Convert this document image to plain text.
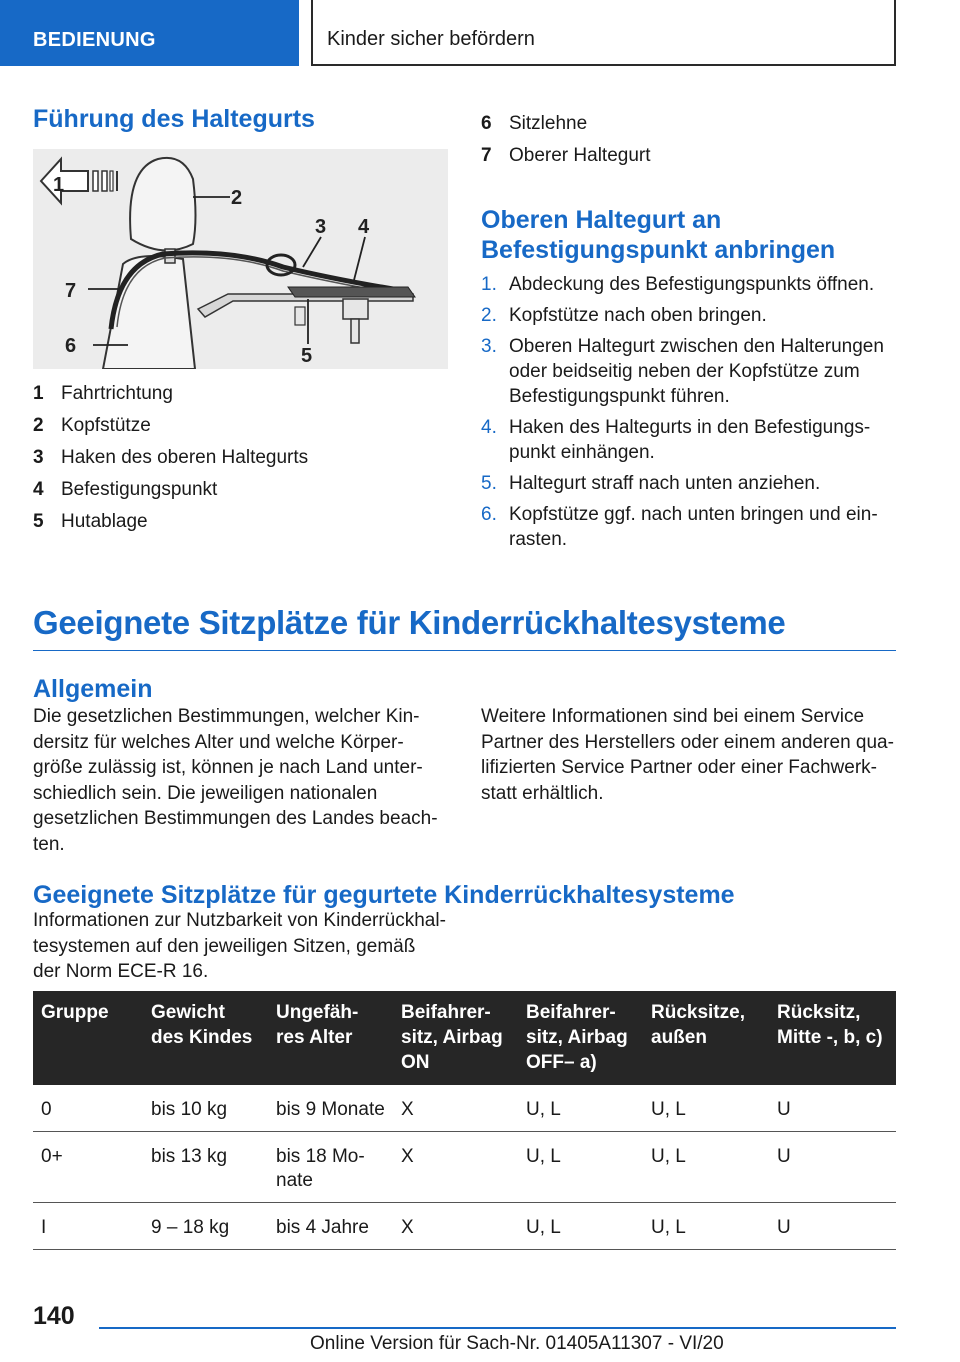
BEDIENUNG	Kinder sicher befördern
Führung des Haltegurts
1
2
3 4
5
6
7
1 Fahrtrichtung
2 Kopfstütze
3 Haken des oberen Haltegurts
4 Befestigungspunkt
5 Hutablage
6 Sitzlehne
7 Oberer Haltegurt
Oberen Haltegurt an Befestigungspunkt anbringen
1. Abdeckung des Befestigungspunkts öffnen.
2. Kopfstütze nach oben bringen.
3. Oberen Haltegurt zwischen den Halterungen oder beidseitig neben der Kopfstütze zum Befestigungspunkt führen.
4. Haken des Haltegurts in den Befestigungs-punkt einhängen.
5. Haltegurt straff nach unten anziehen.
6. Kopfstütze ggf. nach unten bringen und ein-rasten.
Geeignete Sitzplätze für Kinderrückhaltesysteme
Allgemein
Die gesetzlichen Bestimmungen, welcher Kin-dersitz für welches Alter und welche Körper-größe zulässig ist, können je nach Land unter-schiedlich sein. Die jeweiligen nationalen gesetzlichen Bestimmungen des Landes beach-ten.
Weitere Informationen sind bei einem Service Partner des Herstellers oder einem anderen qua-lifizierten Service Partner oder einer Fachwerk-statt erhältlich.
Geeignete Sitzplätze für gegurtete Kinderrückhaltesysteme
Informationen zur Nutzbarkeit von Kinderrückhal-tesystemen auf den jeweiligen Sitzen, gemäß der Norm ECE-R 16.
Gruppe	Gewicht des Kindes	Ungefäh-res Alter	Beifahrer-sitz, Airbag ON	Beifahrer-sitz, Airbag OFF– a)	Rücksitze, außen	Rücksitz, Mitte -, b, c)
0	bis 10 kg	bis 9 Monate	X	U, L	U, L	U
0+	bis 13 kg	bis 18 Mo-nate	X	U, L	U, L	U
I	9 – 18 kg	bis 4 Jahre	X	U, L	U, L	U
140
Online Version für Sach-Nr. 01405A11307 - VI/20
